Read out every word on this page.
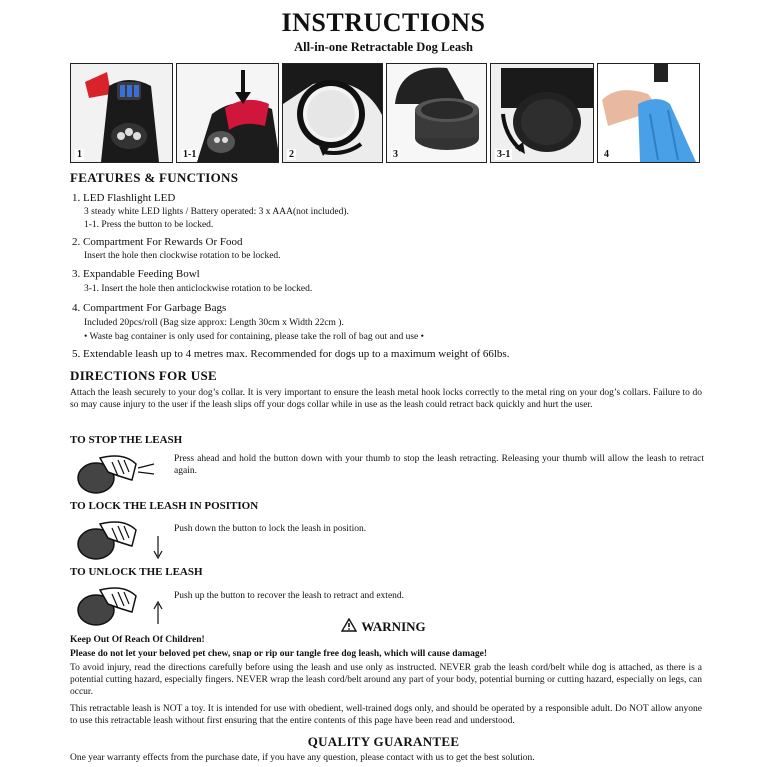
INSTRUCTIONS
All-in-one Retractable Dog Leash
1	1-1	2	3	3-1	4
FEATURES & FUNCTIONS
1. LED Flashlight LED
3 steady white LED lights / Battery operated: 3 x AAA(not included).
1-1. Press the button to be locked.
2. Compartment For Rewards Or Food
Insert the hole then clockwise rotation to be locked.
3. Expandable Feeding Bowl
3-1. Insert the hole then anticlockwise rotation to be locked.
4. Compartment For Garbage Bags
Included 20pcs/roll (Bag size approx: Length 30cm x Width 22cm ).
• Waste bag container is only used for containing, please take the roll of bag out and use •
5. Extendable leash up to 4 metres max. Recommended for dogs up to a maximum weight of 66lbs.
DIRECTIONS FOR USE
Attach the leash securely to your dog’s collar. It is very important to ensure the leash metal hook locks correctly to the metal ring on your dog’s collars. Failure to do so may cause injury to the user if the leash slips off your dogs collar while in use as the leash could retract back quickly and hurt the user.
TO STOP THE LEASH
Press ahead and hold the button down with your thumb to stop the leash retracting. Releasing your thumb will allow the leash to retract again.
TO LOCK THE LEASH IN POSITION
Push down the button to lock the leash in position.
TO UNLOCK THE LEASH
Push up the button to recover the leash to retract and extend.
WARNING
Keep Out Of Reach Of Children!
Please do not let your beloved pet chew, snap or rip our tangle free dog leash, which will cause damage!
To avoid injury, read the directions carefully before using the leash and use only as instructed. NEVER grab the leash cord/belt while dog is attached, as there is a potential cutting hazard, especially fingers. NEVER wrap the leash cord/belt around any part of your body, potential burning or cutting hazard, especially on legs, can occur.
This retractable leash is NOT a toy. It is intended for use with obedient, well-trained dogs only, and should be operated by a responsible adult. Do NOT allow anyone to use this retractable leash without first ensuring that the entire contents of this page have been read and understood.
QUALITY GUARANTEE
One year warranty effects from the purchase date, if you have any question, please contact with us to get the best solution.
